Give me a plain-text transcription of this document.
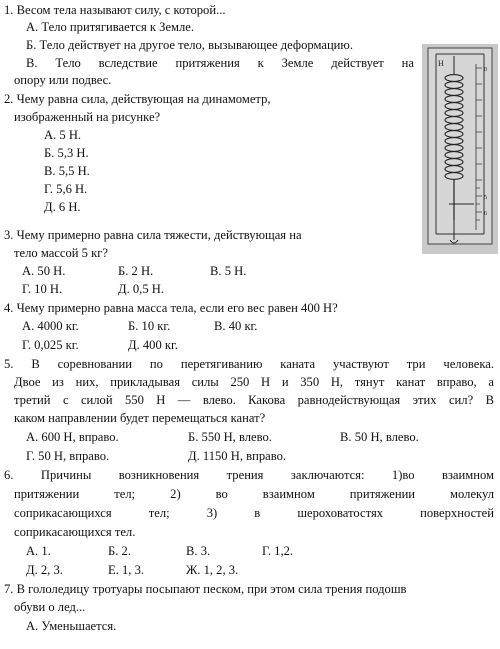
1. Весом тела называют силу, с которой...
А. Тело притягивается к Земле.
Б. Тело действует на другое тело, вызывающее деформацию.
В. Тело вследствие притяжения к Земле действует на
опору или подвес.
2. Чему равна сила, действующая на динамометр,
изображенный на рисунке?
А. 5 Н.
Б. 5,3 Н.
В. 5,5 Н.
Г. 5,6 Н.
Д. 6 Н.
Н
0
5
6
3. Чему примерно равна сила тяжести, действующая на
тело массой 5 кг?
А. 50 Н.	Б. 2 Н.	В. 5 Н.
Г. 10 Н.	Д. 0,5 Н.
4. Чему примерно равна масса тела, если его вес равен 400 Н?
А. 4000 кг.	Б. 10 кг.	В. 40 кг.
Г. 0,025 кг.	Д. 400 кг.
5. В соревновании по перетягиванию каната участвуют три человека.
Двое из них, прикладывая силы 250 Н и 350 Н, тянут канат вправо, а
третий с силой 550 Н — влево. Какова равнодействующая этих сил? В
каком направлении будет перемещаться канат?
А. 600 Н, вправо.	Б. 550 Н, влево.	В. 50 Н, влево.
Г. 50 Н, вправо.	Д. 1150 Н, вправо.
6. Причины возникновения трения заключаются: 1)во взаимном
притяжении тел; 2) во взаимном притяжении молекул
соприкасающихся тел; 3) в шероховатостях поверхностей
соприкасающихся тел.
А. 1.	Б. 2.	В. 3.	Г. 1,2.
Д. 2, 3.	Е. 1, 3.	Ж. 1, 2, 3.
7. В гололедицу тротуары посыпают песком, при этом сила трения подошв
обуви о лед...
А. Уменьшается.
